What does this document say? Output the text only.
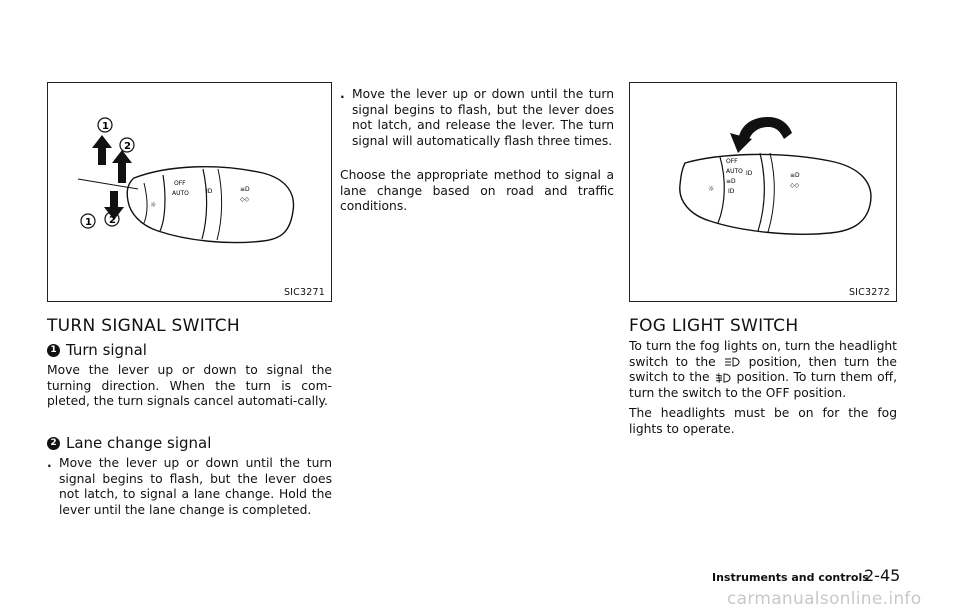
OFF
AUTO	ID	≡D
◇◇
☼
1
2
1 2
SIC3271
TURN SIGNAL SWITCH
1 Turn signal

Move the lever up or down to signal the turning direction. When the turn is com-pleted, the turn signals cancel automati-cally.

2 Lane change signal
. Move the lever up or down until the turn signal begins to flash, but the lever does not latch, to signal a lane change. Hold the lever until the lane change is completed.
. Move the lever up or down until the turn signal begins to flash, but the lever does not latch, and release the lever. The turn signal will automatically flash three times.

Choose the appropriate method to signal a lane change based on road and traffic conditions.

OFF
AUTO
≡D
ID
ID	≡D
◇◇
☼
SIC3272
FOG LIGHT SWITCH
To turn the fog lights on, turn the headlight switch to the	position, then turn the switch to the position. To turn them off, turn the switch to the OFF position.

The headlights must be on for the fog lights to operate.

Instruments and controls
2-45
carmanualsonline.info
